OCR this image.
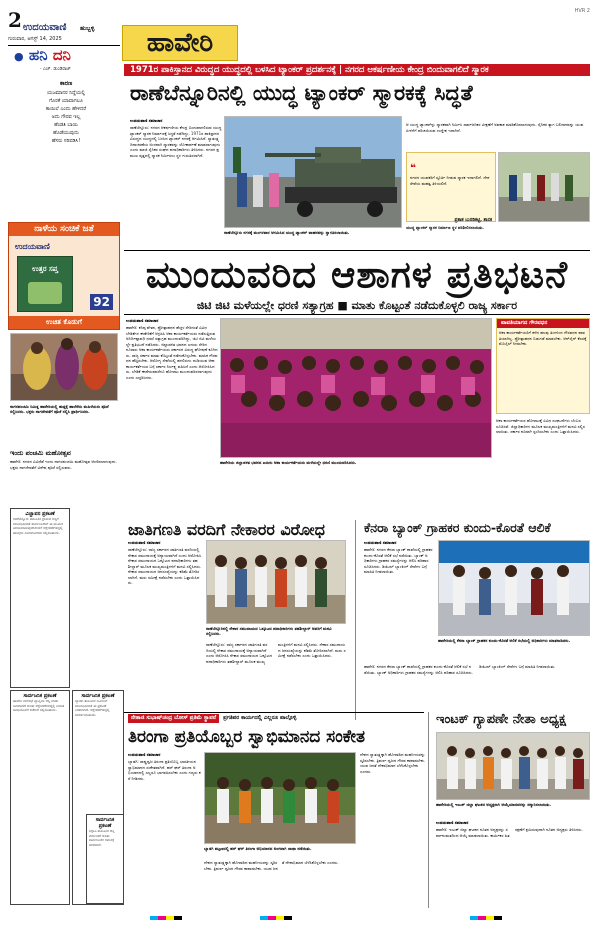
2 ಉದಯವಾಣಿ ಹುಬ್ಬಳ್ಳಿ
ಗುರುವಾರ, ಆಗಸ್ಟ್ 14, 2025	ಹಾವೇರಿ
HVR 2
● ಹನಿ ದನಿ
- ಎಚ್. ಡುಂಡಿರಾಜ್
ಕಾರಣ
ಯಜಮಾನರ ನಿದ್ದೆಯಲ್ಲಿ
ಗೊರಕೆ ಯಾವಾಗಲೂ
ಕಾಯಿಲೆ ಎಂದು ಹೇಳಿದರೆ
ಅದು ಗೌರವ ಇಲ್ಲ
ಹೆಂಡತಿ ಬಾಯಿ
ಹೊಡೆಯುವುದು
ಹೆಸರು ಸರಿಪಡಿಸಿ!
ನಾಳೆಯ ಸಂಚಿಕೆ ಜತೆ
ಉದಯವಾಣಿ
ಉತ್ತರ ಸಪ್ತ
92
ಉಚಿತ ಕೊಡುಗೆ
ನಾಗರಪಂಚಮಿ ನಿಮಿತ್ತ ಹಾವೇರಿಯಲ್ಲಿ ಹುತ್ತಕ್ಕೆ ಹಾಲೆರೆದು ಮಹಿಳೆಯರು ಪೂಜೆ ಸಲ್ಲಿಸಿದರು. ಭಕ್ತರು ನಾಗದೇವತೆಗೆ ಪೂಜೆ ಸಲ್ಲಿಸಿ ಪ್ರಾರ್ಥಿಸಿದರು.
ಇಂದು ಪಂಚಮಿ ಮಹೋತ್ಸವ
ಹಾವೇರಿ: ನಗರದ ವಿವಿಧೆಡೆ ಇಂದು ನಾಗರಪಂಚಮಿ ಮಹೋತ್ಸವ ಆಚರಿಸಲಾಗುವುದು. ಭಕ್ತರು ನಾಗದೇವತೆಗೆ ವಿಶೇಷ ಪೂಜೆ ಸಲ್ಲಿಸುವರು.
ವಿಜ್ಞಾಪನ ಪ್ರಕಟಣೆ
ರಾಣೆಬೆನ್ನೂರು ತಾಲೂಕಿನ ಗ್ರಾಮದ ಆಸ್ತಿಗೆ ಸಂಬಂಧಿಸಿದಂತೆ ಸಾರ್ವಜನಿಕರಿಗೆ ಈ ಮೂಲಕ ತಿಳಿಯಪಡಿಸುವುದೇನೆಂದರೆ ಆಕ್ಷೇಪಣೆಗಳಿದ್ದಲ್ಲಿ ಹದಿನೈದು ದಿನಗಳೊಳಗಾಗಿ ಸಲ್ಲಿಸಬಹುದು.
ಸಾರ್ವಜನಿಕ ಪ್ರಕಟಣೆ
ಹಾವೇರಿ ನಗರಸಭೆ ವ್ಯಾಪ್ತಿಯ ಆಸ್ತಿ ಖಾತಾ ಬದಲಾವಣೆ ಕುರಿತು ಆಕ್ಷೇಪಣೆಗಳಿದ್ದಲ್ಲಿ ನಿಗದಿತ ಅವಧಿಯೊಳಗೆ ಕಚೇರಿಗೆ ಸಲ್ಲಿಸಬಹುದು.
ಸಾರ್ವಜನಿಕ ಪ್ರಕಟಣೆ
ಬ್ಯಾಡಗಿ ತಾಲೂಕಿನ ಜಮೀನಿಗೆ ಸಂಬಂಧಿಸಿದಂತೆ ಈ ಪ್ರಕಟಣೆ ನೀಡಲಾಗಿದೆ. ಆಕ್ಷೇಪಣೆಗಳಿದ್ದಲ್ಲಿ ಸಂಪರ್ಕಿಸಬಹುದು.
ಸಾರ್ವಜನಿಕ ಪ್ರಕಟಣೆ
ಶಿಗ್ಗಾವಿ ತಾಲೂಕಿನ ಆಸ್ತಿ ವರ್ಗಾವಣೆ ಕುರಿತು ಸಾರ್ವಜನಿಕರ ಗಮನಕ್ಕೆ ತರಲಾಗಿದೆ.
1971ರ ಪಾಕಿಸ್ತಾನದ ವಿರುದ್ಧದ ಯುದ್ಧದಲ್ಲಿ ಬಳಸಿದ ಟ್ಯಾಂಕರ್ ಪ್ರದರ್ಶನಕ್ಕೆ | ನಗರದ ಆಕರ್ಷಣೀಯ ಕೇಂದ್ರ ಬಿಂದುವಾಗಲಿದೆ ಸ್ಮಾರಕ
ರಾಣೆಬೆನ್ನೂರಿನಲ್ಲಿ ಯುದ್ಧ ಟ್ಯಾಂಕರ್ ಸ್ಮಾರಕಕ್ಕೆ ಸಿದ್ಧತೆ
ಉದಯವಾಣಿ ಸಮಾಚಾರ
ರಾಣೆಬೆನ್ನೂರು: ನಗರದ ಆಕರ್ಷಣೀಯ ಕೇಂದ್ರ ಬಿಂದುವಾಗಲಿರುವ ಯುದ್ಧ ಟ್ಯಾಂಕರ್ ಸ್ಮಾರಕ ನಿರ್ಮಾಣಕ್ಕೆ ಸಿದ್ಧತೆ ನಡೆದಿದ್ದು, 1971ರ ಪಾಕಿಸ್ತಾನದ ವಿರುದ್ಧದ ಯುದ್ಧದಲ್ಲಿ ಬಳಸಿದ ಟ್ಯಾಂಕರ್ ನಗರಕ್ಕೆ ಆಗಮಿಸಿದೆ. ಸ್ವಾತಂತ್ರ್ಯ ದಿನಾಚರಣೆಯ ಅಂಗವಾಗಿ ಸ್ಮಾರಕವನ್ನು ಲೋಕಾರ್ಪಣೆ ಮಾಡಲಾಗುವುದು ಎಂದು ಮಾಜಿ ಸೈನಿಕರ ಸಂಘದ ಪದಾಧಿಕಾರಿಗಳು ತಿಳಿಸಿದರು. ನಗರದ ಪ್ರಮುಖ ವೃತ್ತದಲ್ಲಿ ಸ್ಮಾರಕ ನಿರ್ಮಿಸಲು ಸ್ಥಳ ಗುರುತಿಸಲಾಗಿದೆ.
ರಾಣೆಬೆನ್ನೂರು ನಗರಕ್ಕೆ ಮಂಗಳವಾರ ಆಗಮಿಸಿದ ಯುದ್ಧ ಟ್ಯಾಂಕರ್ ವಾಹನವನ್ನು ಸ್ವಾಗತಿಸಲಾಯಿತು.
ಆ ಯುದ್ಧ ಟ್ಯಾಂಕರ್‌ನ್ನು ಸ್ಮಾರಕವಾಗಿ ನಿರ್ಮಿಸಿ ಸಾರ್ವಜನಿಕರ ವೀಕ್ಷಣೆಗೆ ಅವಕಾಶ ಮಾಡಿಕೊಡಲಾಗುವುದು. ಸೈನಿಕರ ತ್ಯಾಗ ಬಲಿದಾನವನ್ನು ಯುವ ಪೀಳಿಗೆಗೆ ಪರಿಚಯಿಸುವ ಉದ್ದೇಶ ಇದಾಗಿದೆ.
❝
ನಗರದ ಯುವಕರಿಗೆ ಸ್ಫೂರ್ತಿ ನೀಡುವ ಸ್ಮಾರಕ ಇದಾಗಲಿದೆ. ದೇಶ ಸೇವೆಯ ಮಹತ್ವ ತಿಳಿಯಲಿದೆ.
ಪ್ರಕಾಶ ಬುರಡಿಕಟ್ಟಿ, ಶಾಸಕ
ಯುದ್ಧ ಟ್ಯಾಂಕರ್ ಸ್ಮಾರಕ ನಿರ್ಮಾಣ ಸ್ಥಳ ಪರಿಶೀಲಿಸಲಾಯಿತು.
ಮುಂದುವರಿದ ಆಶಾಗಳ ಪ್ರತಿಭಟನೆ
ಜಿಟಿ ಜಿಟಿ ಮಳೆಯಲ್ಲೇ ಧರಣಿ ಸತ್ಯಾಗ್ರಹ ■ ಮಾತು ಕೊಟ್ಟಂತೆ ನಡೆದುಕೊಳ್ಳಲಿ ರಾಜ್ಯ ಸರ್ಕಾರ
ಉದಯವಾಣಿ ಸಮಾಚಾರ
ಹಾವೇರಿ: ಕನಿಷ್ಠ ವೇತನ, ಪ್ರೋತ್ಸಾಹಧನ ಹೆಚ್ಚಳ ಸೇರಿದಂತೆ ವಿವಿಧ ಬೇಡಿಕೆಗಳ ಈಡೇರಿಕೆಗೆ ಆಗ್ರಹಿಸಿ ಆಶಾ ಕಾರ್ಯಕರ್ತೆಯರು ನಡೆಸುತ್ತಿರುವ ಅನಿರ್ದಿಷ್ಟಾವಧಿ ಧರಣಿ ಸತ್ಯಾಗ್ರಹ ಮುಂದುವರಿದಿದ್ದು, ಜಿಟಿ ಜಿಟಿ ಮಳೆಯಲ್ಲೇ ಪ್ರತಿಭಟನೆ ನಡೆಸಿದರು. ಜಿಲ್ಲಾಡಳಿತ ಭವನದ ಎದುರು ಸೇರಿದ ನೂರಾರು ಆಶಾ ಕಾರ್ಯಕರ್ತೆಯರು ಸರ್ಕಾರದ ವಿರುದ್ಧ ಘೋಷಣೆ ಕೂಗಿದರು. ರಾಜ್ಯ ಸರ್ಕಾರ ಮಾತು ಕೊಟ್ಟಂತೆ ನಡೆದುಕೊಳ್ಳಬೇಕು. ಮಾಸಿಕ ಗೌರವಧನ ಹೆಚ್ಚಿಸಬೇಕು. ಆರೋಗ್ಯ ಸೇವೆಯಲ್ಲಿ ಹಗಲಿರುಳು ದುಡಿಯುವ ಆಶಾ ಕಾರ್ಯಕರ್ತೆಯರ ಬಗ್ಗೆ ಸರ್ಕಾರ ನಿರ್ಲಕ್ಷ್ಯ ವಹಿಸಿದೆ ಎಂದು ಆರೋಪಿಸಿದರು. ಬೇಡಿಕೆ ಈಡೇರುವವರೆಗೂ ಹೋರಾಟ ಮುಂದುವರಿಸಲಾಗುವುದು ಎಂದು ಎಚ್ಚರಿಸಿದರು.
ಹಾವೇರಿಯ ಜಿಲ್ಲಾಡಳಿತ ಭವನದ ಎದುರು ಆಶಾ ಕಾರ್ಯಕರ್ತೆಯರು ಮಳೆಯಲ್ಲೇ ಧರಣಿ ಮುಂದುವರಿಸಿದರು.
ಪಾವತಿಯಾಗದ ಗೌರವಧನ
ಆಶಾ ಕಾರ್ಯಕರ್ತೆಯರಿಗೆ ಕಳೆದ ಹಲವು ತಿಂಗಳಿಂದ ಗೌರವಧನ ಪಾವತಿಯಾಗಿಲ್ಲ. ಪ್ರೋತ್ಸಾಹಧನ ಬಿಡುಗಡೆ ಮಾಡಬೇಕು. ಆನ್‌ಲೈನ್ ಕೆಲಸಕ್ಕೆ ಮೊಬೈಲ್ ನೀಡಬೇಕು.
ಆಶಾ ಕಾರ್ಯಕರ್ತೆಯರ ಹೋರಾಟಕ್ಕೆ ವಿವಿಧ ಸಂಘಟನೆಗಳು ಬೆಂಬಲ ಸೂಚಿಸಿವೆ. ಜಿಲ್ಲಾಧಿಕಾರಿಗಳ ಮೂಲಕ ಮುಖ್ಯಮಂತ್ರಿಗಳಿಗೆ ಮನವಿ ಸಲ್ಲಿಸಲಾಯಿತು. ಸರ್ಕಾರ ಕೂಡಲೇ ಸ್ಪಂದಿಸಬೇಕು ಎಂದು ಒತ್ತಾಯಿಸಿದರು.
ಜಾತಿಗಣತಿ ವರದಿಗೆ ನೇಕಾರರ ವಿರೋಧ
ಉದಯವಾಣಿ ಸಮಾಚಾರ
ರಾಣೆಬೆನ್ನೂರು: ರಾಜ್ಯ ಸರ್ಕಾರದ ಜಾತಿಗಣತಿ ವರದಿಯಲ್ಲಿ ನೇಕಾರ ಸಮುದಾಯಕ್ಕೆ ಅನ್ಯಾಯವಾಗಿದೆ ಎಂದು ಆರೋಪಿಸಿ ನೇಕಾರ ಸಮುದಾಯದ ಒಕ್ಕೂಟದ ಪದಾಧಿಕಾರಿಗಳು ತಹಶೀಲ್ದಾರ್ ಮೂಲಕ ಮುಖ್ಯಮಂತ್ರಿಗಳಿಗೆ ಮನವಿ ಸಲ್ಲಿಸಿದರು. ನೇಕಾರ ಸಮುದಾಯದ ಜನಸಂಖ್ಯೆಯನ್ನು ಕಡಿಮೆ ತೋರಿಸಲಾಗಿದೆ. ಮರು ಸಮೀಕ್ಷೆ ನಡೆಸಬೇಕು ಎಂದು ಒತ್ತಾಯಿಸಿದರು.
ರಾಣೆಬೆನ್ನೂರಿನಲ್ಲಿ ನೇಕಾರ ಸಮುದಾಯದ ಒಕ್ಕೂಟದ ಪದಾಧಿಕಾರಿಗಳು ತಹಶೀಲ್ದಾರ್ ಅವರಿಗೆ ಮನವಿ ಸಲ್ಲಿಸಿದರು.
ರಾಣೆಬೆನ್ನೂರು: ರಾಜ್ಯ ಸರ್ಕಾರದ ಜಾತಿಗಣತಿ ವರದಿಯಲ್ಲಿ ನೇಕಾರ ಸಮುದಾಯಕ್ಕೆ ಅನ್ಯಾಯವಾಗಿದೆ ಎಂದು ಆರೋಪಿಸಿ ನೇಕಾರ ಸಮುದಾಯದ ಒಕ್ಕೂಟದ ಪದಾಧಿಕಾರಿಗಳು ತಹಶೀಲ್ದಾರ್ ಮೂಲಕ ಮುಖ್ಯಮಂತ್ರಿಗಳಿಗೆ ಮನವಿ ಸಲ್ಲಿಸಿದರು. ನೇಕಾರ ಸಮುದಾಯದ ಜನಸಂಖ್ಯೆಯನ್ನು ಕಡಿಮೆ ತೋರಿಸಲಾಗಿದೆ. ಮರು ಸಮೀಕ್ಷೆ ನಡೆಸಬೇಕು ಎಂದು ಒತ್ತಾಯಿಸಿದರು.
ಕೆನರಾ ಬ್ಯಾಂಕ್ ಗ್ರಾಹಕರ ಕುಂದು-ಕೊರತೆ ಆಲಿಕೆ
ಉದಯವಾಣಿ ಸಮಾಚಾರ
ಹಾವೇರಿ: ನಗರದ ಕೆನರಾ ಬ್ಯಾಂಕ್ ಶಾಖೆಯಲ್ಲಿ ಗ್ರಾಹಕರ ಕುಂದು-ಕೊರತೆ ಆಲಿಕೆ ಸಭೆ ನಡೆಯಿತು. ಬ್ಯಾಂಕ್ ಅಧಿಕಾರಿಗಳು ಗ್ರಾಹಕರ ಸಮಸ್ಯೆಗಳನ್ನು ಆಲಿಸಿ ಪರಿಹಾರ ಸೂಚಿಸಿದರು. ಡಿಜಿಟಲ್ ಬ್ಯಾಂಕಿಂಗ್ ಸೇವೆಗಳ ಬಗ್ಗೆ ಮಾಹಿತಿ ನೀಡಲಾಯಿತು.
ಹಾವೇರಿಯಲ್ಲಿ ಕೆನರಾ ಬ್ಯಾಂಕ್ ಗ್ರಾಹಕರ ಕುಂದು-ಕೊರತೆ ಆಲಿಕೆ ಸಭೆಯಲ್ಲಿ ಅಧಿಕಾರಿಗಳು ಮಾತನಾಡಿದರು.
ಹಾವೇರಿ: ನಗರದ ಕೆನರಾ ಬ್ಯಾಂಕ್ ಶಾಖೆಯಲ್ಲಿ ಗ್ರಾಹಕರ ಕುಂದು-ಕೊರತೆ ಆಲಿಕೆ ಸಭೆ ನಡೆಯಿತು. ಬ್ಯಾಂಕ್ ಅಧಿಕಾರಿಗಳು ಗ್ರಾಹಕರ ಸಮಸ್ಯೆಗಳನ್ನು ಆಲಿಸಿ ಪರಿಹಾರ ಸೂಚಿಸಿದರು. ಡಿಜಿಟಲ್ ಬ್ಯಾಂಕಿಂಗ್ ಸೇವೆಗಳ ಬಗ್ಗೆ ಮಾಹಿತಿ ನೀಡಲಾಯಿತು.
ನೇತಾಜಿ ಸುಭಾಷ್‌ಚಂದ್ರ ಬೋಸ್ ಪ್ರತಿಮೆ ಸ್ಥಾಪನೆ	ಪ್ರಗತಿಪರ ಕಾರ್ಯದಲ್ಲಿ ಎಲ್ಲರೂ ಪಾಲ್ಗೊಳ್ಳಿ
ತಿರಂಗಾ ಪ್ರತಿಯೊಬ್ಬರ ಸ್ವಾಭಿಮಾನದ ಸಂಕೇತ
ಉದಯವಾಣಿ ಸಮಾಚಾರ
ಬ್ಯಾಡಗಿ: ರಾಷ್ಟ್ರಧ್ವಜ ತಿರಂಗಾ ಪ್ರತಿಯೊಬ್ಬ ಭಾರತೀಯನ ಸ್ವಾಭಿಮಾನದ ಸಂಕೇತವಾಗಿದೆ. ಹರ್ ಘರ್ ತಿರಂಗಾ ಅಭಿಯಾನದಲ್ಲಿ ಎಲ್ಲರೂ ಭಾಗವಹಿಸಬೇಕು ಎಂದು ಗಣ್ಯರು ಕರೆ ನೀಡಿದರು.
ಬ್ಯಾಡಗಿ ಪಟ್ಟಣದಲ್ಲಿ ಹರ್ ಘರ್ ತಿರಂಗಾ ಅಭಿಯಾನದ ಅಂಗವಾಗಿ ಜಾಥಾ ನಡೆಯಿತು.
ದೇಶದ ಸ್ವಾತಂತ್ರ್ಯಕ್ಕಾಗಿ ಹೋರಾಡಿದ ಮಹನೀಯರನ್ನು ಸ್ಮರಿಸಬೇಕು. ತ್ರಿವರ್ಣ ಧ್ವಜದ ಗೌರವ ಕಾಪಾಡಬೇಕು. ಯುವ ಜನತೆ ದೇಶಾಭಿಮಾನ ಬೆಳೆಸಿಕೊಳ್ಳಬೇಕು ಎಂದರು.
ದೇಶದ ಸ್ವಾತಂತ್ರ್ಯಕ್ಕಾಗಿ ಹೋರಾಡಿದ ಮಹನೀಯರನ್ನು ಸ್ಮರಿಸಬೇಕು. ತ್ರಿವರ್ಣ ಧ್ವಜದ ಗೌರವ ಕಾಪಾಡಬೇಕು. ಯುವ ಜನತೆ ದೇಶಾಭಿಮಾನ ಬೆಳೆಸಿಕೊಳ್ಳಬೇಕು ಎಂದರು.
ಇಂಟಕ್ ಗ್ಯಾಪಣೇ ನೇತಾ ಅಧ್ಯಕ್ಷ
ಹಾವೇರಿಯಲ್ಲಿ ಇಂಟಕ್ ಜಿಲ್ಲಾ ಘಟಕದ ಅಧ್ಯಕ್ಷರಾಗಿ ಆಯ್ಕೆಯಾದವರನ್ನು ಸನ್ಮಾನಿಸಲಾಯಿತು.
ಉದಯವಾಣಿ ಸಮಾಚಾರ
ಹಾವೇರಿ: ಇಂಟಕ್ ಜಿಲ್ಲಾ ಘಟಕದ ನೂತನ ಅಧ್ಯಕ್ಷರನ್ನು ಸರ್ವಾನುಮತದಿಂದ ಆಯ್ಕೆ ಮಾಡಲಾಯಿತು. ಕಾರ್ಮಿಕರ ಹಿತರಕ್ಷಣೆಗೆ ಶ್ರಮಿಸುವುದಾಗಿ ನೂತನ ಅಧ್ಯಕ್ಷರು ತಿಳಿಸಿದರು.
